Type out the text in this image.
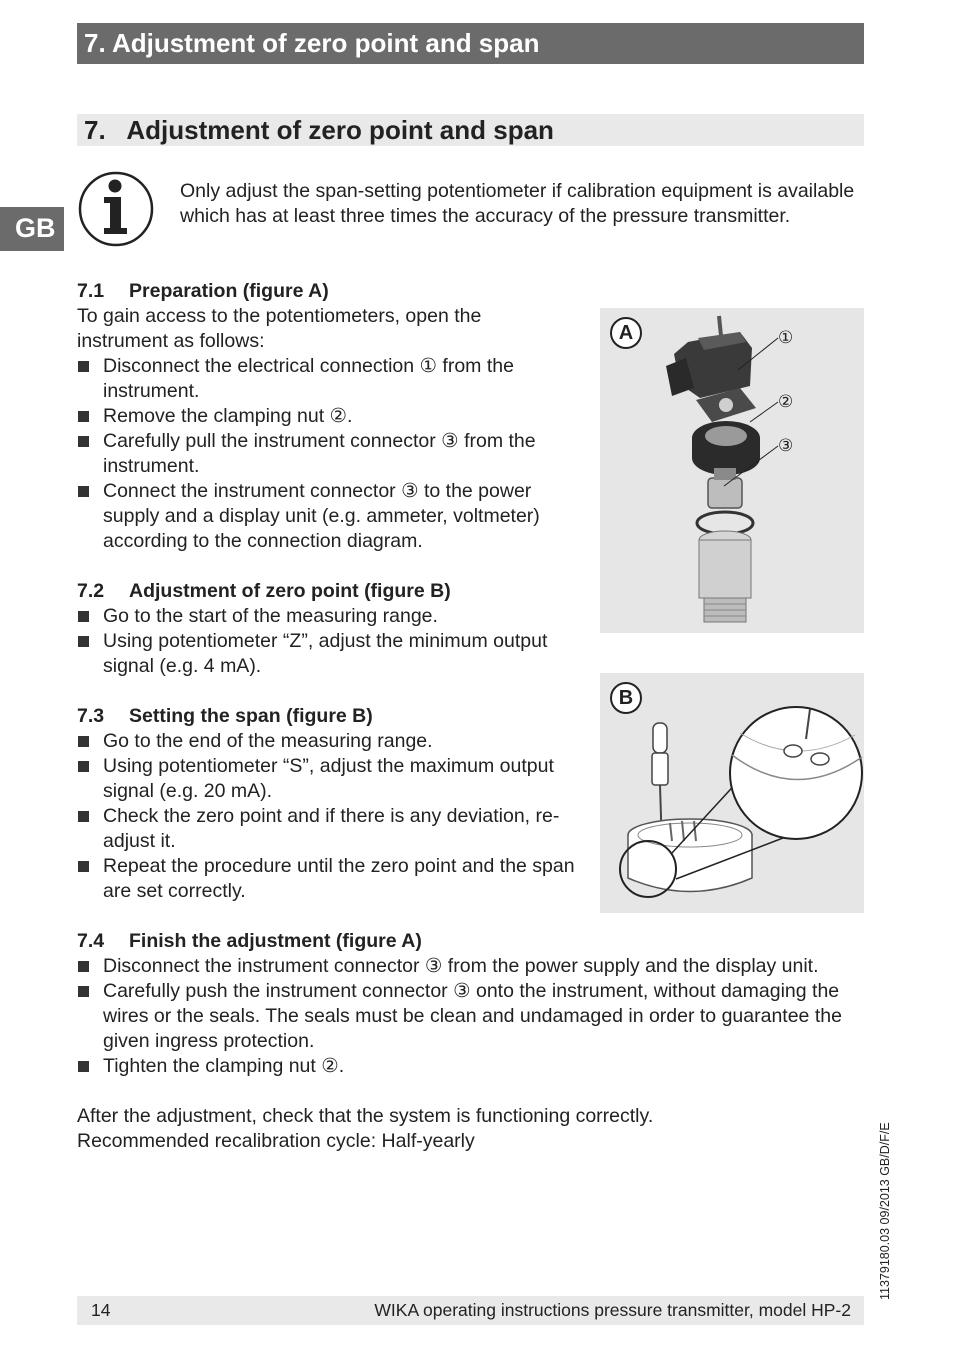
7. Adjustment of zero point and span
7.   Adjustment of zero point and span
GB
Only adjust the span-setting potentiometer if calibration equipment is available which has at least three times the accuracy of the pressure transmitter.
7.1 Preparation (figure A)

To gain access to the potentiometers, open the instrument as follows:

Disconnect the electrical connection ① from the instrument.
Remove the clamping nut ②.
Carefully pull the instrument connector ③ from the instrument.
Connect the instrument connector ③ to the power supply and a display unit (e.g. ammeter, voltmeter) according to the connection diagram.
7.2 Adjustment of zero point (figure B)
Go to the start of the measuring range.
Using potentiometer “Z”, adjust the minimum output signal (e.g. 4 mA).
7.3 Setting the span (figure B)
Go to the end of the measuring range.
Using potentiometer “S”, adjust the maximum output signal (e.g. 20 mA).
Check the zero point and if there is any deviation, re-adjust it.
Repeat the procedure until the zero point and the span are set correctly.
7.4 Finish the adjustment (figure A)
Disconnect the instrument connector ③ from the power supply and the display unit.
Carefully push the instrument connector ③ onto the instrument, without damaging the wires or the seals. The seals must be clean and undamaged in order to guarantee the given ingress protection.
Tighten the clamping nut ②.
A	①
②
③
B

After the adjustment, check that the system is functioning correctly.

Recommended recalibration cycle: Half-yearly	11379180.03 09/2013 GB/D/F/E
14	WIKA operating instructions pressure transmitter, model HP-2
